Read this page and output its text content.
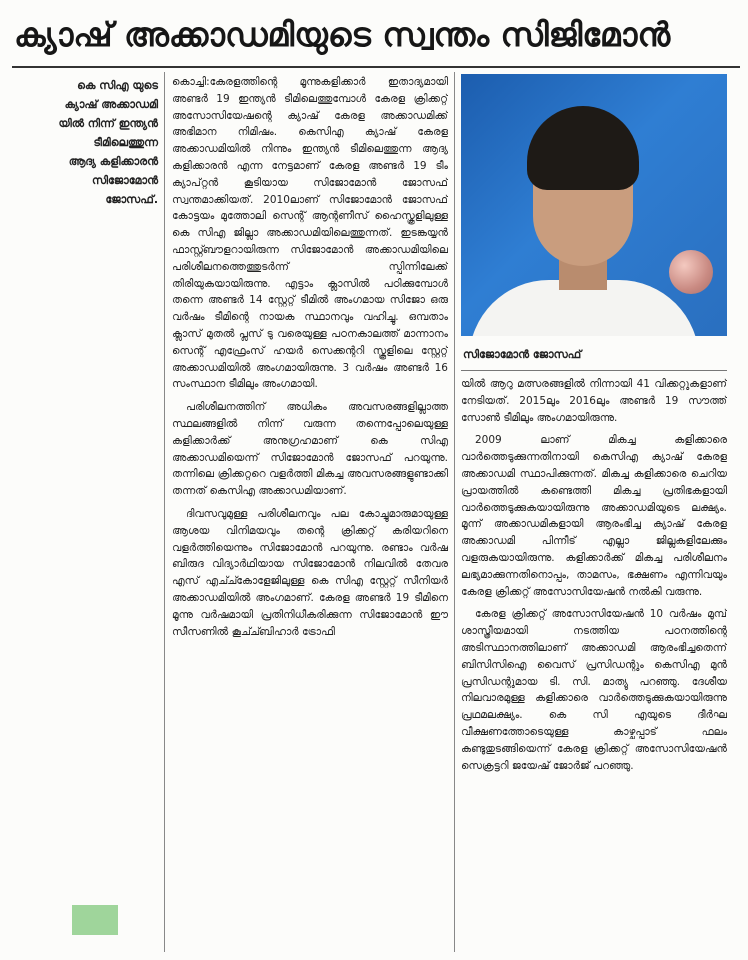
ക്യാഷ് അക്കാഡമിയുടെ സ്വന്തം സിജിമോൻ
കെ സിഎ യുടെ
ക്യാഷ് അക്കാഡമി
യിൽ നിന്ന് ഇന്ത്യൻ
ടീമിലെത്തുന്ന
ആദ്യ കളിക്കാരൻ
സിജോമോൻ
ജോസഫ്.

കൊച്ചി:കേരളത്തിന്റെ മൂന്നുകളിക്കാർ ഇതാദ്യമായി അണ്ടർ 19 ഇന്ത്യൻ ടീമിലെത്തുമ്പോൾ കേരള ക്രിക്കറ്റ് അസോസിയേഷന്റെ ക്യാഷ് കേരള അക്കാഡമിക്ക് അഭിമാന നിമിഷം. കെസിഎ ക്യാഷ് കേരള അക്കാഡമിയിൽ നിന്നും ഇന്ത്യൻ ടീമിലെത്തുന്ന ആദ്യ കളിക്കാരൻ എന്ന നേട്ടമാണ് കേരള അണ്ടർ 19 ടീം ക്യാപ്റ്റൻ കൂടിയായ സിജോമോൻ ജോസഫ് സ്വന്തമാക്കിയത്. 2010ലാണ് സിജോമോൻ ജോസഫ് കോട്ടയം മുത്തോലി സെന്റ് ആന്റണീസ് ഹൈസ്കൂളിലുള്ള കെ സിഎ ജില്ലാ അക്കാഡമിയിലെത്തുന്നത്. ഇടങ്കയ്യൻ ഫാസ്റ്റ്ബൗളറായിരുന്ന സിജോമോൻ അക്കാഡമിയിലെ പരിശീലനത്തെത്തുടർന്ന് സ്പിന്നിലേക്ക് തിരിയുകയായിരുന്നു. എട്ടാം ക്ലാസിൽ പഠിക്കുമ്പോൾ തന്നെ അണ്ടർ 14 സ്റ്റേറ്റ് ടീമിൽ അംഗമായ സിജോ ഒരു വർഷം ടീമിന്റെ നായക സ്ഥാനവും വഹിച്ചു. ഒമ്പതാം ക്ലാസ് മുതൽ പ്ലസ് ടു വരെയുള്ള പഠനകാലത്ത് മാന്നാനം സെന്റ് എഫ്രേംസ് ഹയർ സെക്കന്ററി സ്കൂളിലെ സ്റ്റേറ്റ് അക്കാഡമിയിൽ അംഗമായിരുന്നു. 3 വർഷം അണ്ടർ 16 സംസ്ഥാന ടീമിലും അംഗമായി.

പരിശീലനത്തിന് അധികം അവസരങ്ങളില്ലാത്ത സ്ഥലങ്ങളിൽ നിന്ന് വരുന്ന തന്നെപ്പോലെയുള്ള കളിക്കാർക്ക് അനുഗ്രഹമാണ് കെ സിഎ അക്കാഡമിയെന്ന് സിജോമോൻ ജോസഫ് പറയുന്നു. തന്നിലെ ക്രിക്കറ്ററെ വളർത്തി മികച്ച അവസരങ്ങളുണ്ടാക്കി തന്നത് കെസിഎ അക്കാഡമിയാണ്.

ദിവസവുമുള്ള പരിശീലനവും പല കോച്ചുമാരുമായുള്ള ആശയ വിനിമയവും തന്റെ ക്രിക്കറ്റ് കരിയറിനെ വളർത്തിയെന്നും സിജോമോൻ പറയുന്നു. രണ്ടാം വർഷ ബിരുദ വിദ്യാർഥിയായ സിജോമോൻ നിലവിൽ തേവര എസ് എച്ച്കോളേജിലുള്ള കെ സിഎ സ്റ്റേറ്റ് സീനിയർ അക്കാഡമിയിൽ അംഗമാണ്. കേരള അണ്ടർ 19 ടീമിനെ മൂന്നു വർഷമായി പ്രതിനിധീകരിക്കുന്ന സിജോമോൻ ഈ സീസണിൽ കൂച്ച്ബിഹാർ ട്രോഫി

സിജോമോൻ ജോസഫ്

യിൽ ആറു മത്സരങ്ങളിൽ നിന്നായി 41 വിക്കറ്റുകളാണ് നേടിയത്. 2015ലും 2016ലും അണ്ടർ 19 സൗത്ത് സോൺ ടീമിലും അംഗമായിരുന്നു.

2009 ലാണ് മികച്ച കളിക്കാരെ വാർത്തെടുക്കുന്നതിനായി കെസിഎ ക്യാഷ് കേരള അക്കാഡമി സ്ഥാപിക്കുന്നത്. മികച്ച കളിക്കാരെ ചെറിയ പ്രായത്തിൽ കണ്ടെത്തി മികച്ച പ്രതിഭകളായി വാർത്തെടുക്കുകയായിരുന്നു അക്കാഡമിയുടെ ലക്ഷ്യം. മൂന്ന് അക്കാഡമികളായി ആരംഭിച്ച ക്യാഷ് കേരള അക്കാഡമി പിന്നീട് എല്ലാ ജില്ലകളിലേക്കും വളരുകയായിരുന്നു. കളിക്കാർക്ക് മികച്ച പരിശീലനം ലഭ്യമാക്കുന്നതിനൊപ്പം, താമസം, ഭക്ഷണം എന്നിവയും കേരള ക്രിക്കറ്റ് അസോസിയേഷൻ നൽകി വരുന്നു.

കേരള ക്രിക്കറ്റ് അസോസിയേഷൻ 10 വർഷം മുമ്പ് ശാസ്ത്രീയമായി നടത്തിയ പഠനത്തിന്റെ അടിസ്ഥാനത്തിലാണ് അക്കാഡമി ആരംഭിച്ചതെന്ന് ബിസിസിഐ വൈസ് പ്രസിഡന്റും കെസിഎ മുൻ പ്രസിഡന്റുമായ ടി. സി. മാത്യു പറഞ്ഞു. ദേശീയ നിലവാരമുള്ള കളിക്കാരെ വാർത്തെടുക്കുകയായിരുന്നു പ്രഥമലക്ഷ്യം. കെ സി എയുടെ ദീർഘ വീക്ഷണത്തോടെയുള്ള കാഴ്ചപ്പാട് ഫലം കണ്ടുതുടങ്ങിയെന്ന് കേരള ക്രിക്കറ്റ് അസോസിയേഷൻ സെക്രട്ടറി ജയേഷ് ജോർജ് പറഞ്ഞു.
